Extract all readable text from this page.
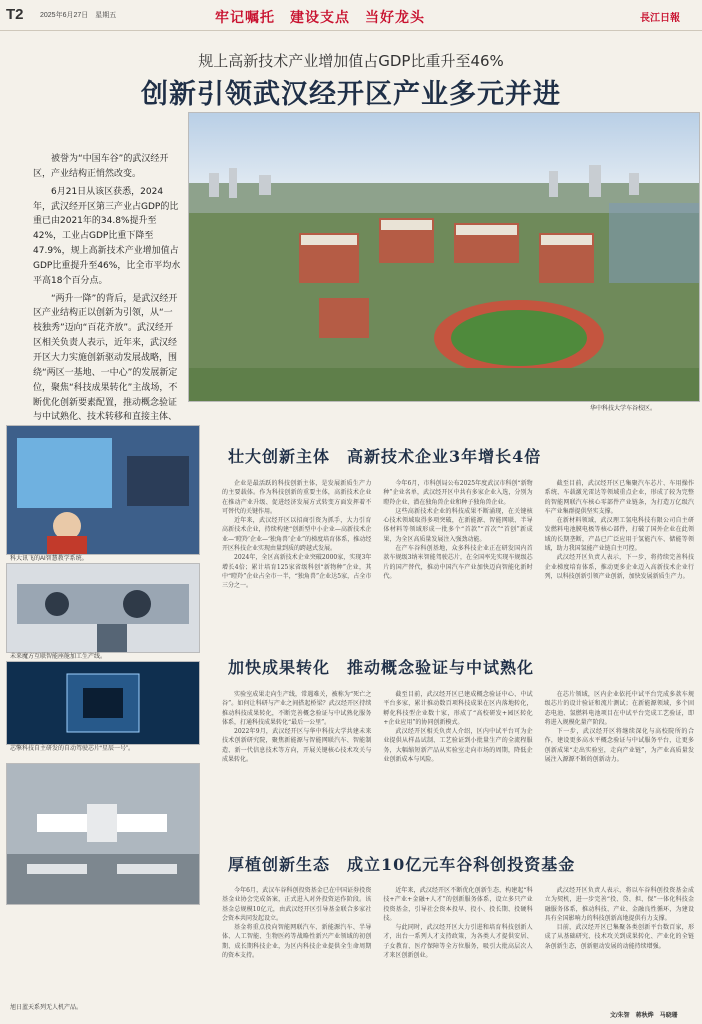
T2 2025年6月27日　星期五	牢记嘱托　建设支点　当好龙头	長江日報
规上高新技术产业增加值占GDP比重升至46%
创新引领武汉经开区产业多元并进

被誉为“中国车谷”的武汉经开区，产业结构正悄然改变。

6月21日从该区获悉，2024年，武汉经开区第三产业占GDP的比重已由2021年的34.8%提升至42%，工业占GDP比重下降至47.9%，规上高新技术产业增加值占GDP比重提升至46%，比全市平均水平高18个百分点。

“两升一降”的背后，是武汉经开区产业结构正以创新为引领，从“一枝独秀”迈向“百花齐放”。武汉经开区相关负责人表示，近年来，武汉经开区大力实施创新驱动发展战略，围绕“两区一基地、一中心”的发展新定位，聚焦“科技成果转化”主战场，不断优化创新要素配置，推动概念验证与中试熟化、技术转移和直接主体、

华中科技大学车谷校区。
科大讯飞的AI智慧教学系统。
未来魔方互联智能座舱加工生产线。
芯擎科技自主研发的自动驾驶芯片“星辰一号”。
旭日蓝天系列无人机产品。
壮大创新主体　高新技术企业3年增长4倍

企业是最活跃的科技创新主体，是发展新质生产力的主要载体。作为科技创新的重要主体，高新技术企业在推动产业升级、促进经济发展方式转变方面发挥着不可替代的关键作用。

近年来，武汉经开区以招商引资为抓手，大力引育高新技术企业，持续构建“创新型中小企业—高新技术企业—‘瞪羚’企业—‘独角兽’企业”的梯度培育体系，推动经开区科技企业实现由量到质的跨越式发展。

2024年，全区高新技术企业突破2000家，实现3年增长4倍；累计培育125家省级科创“新物种”企业，其中“瞪羚”企业占全市一半，“独角兽”企业达5家，占全市三分之一。

今年6月，市科创局公布2025年度武汉市科创“新物种”企业名单，武汉经开区中共有多家企业入选，分别为瞪羚企业、潜在独角兽企业和种子独角兽企业。

这些高新技术企业的科技成果不断涌现，在关键核心技术领域取得多项突破，在新能源、智能网联、半导体材料等领域形成一批多个“首款”“首次”“首创”新成果，为全区高质量发展注入强劲动能。

在产车谷科创基地，众多科技企业正在研发国内首款车规级3纳米智能驾驶芯片，在全国率先实现车规级芯片的国产替代，推动中国汽车产业加快迈向智能化新时代。

截至目前，武汉经开区已集聚汽车芯片、车用操作系统、车载激光雷达等领域重点企业，形成了较为完整的智能网联汽车核心零部件产业链条，为打造万亿级汽车产业集群提供坚实支撑。

在新材料领域，武汉理工氢电科技有限公司自主研发燃料电池膜电极等核心部件，打破了国外企业在此领域的长期垄断，产品已广泛应用于氢能汽车、储能等领域，助力我国氢能产业链自主可控。

武汉经开区负责人表示，下一步，将持续完善科技企业梯度培育体系，推动更多企业迈入高新技术企业行列，以科技创新引领产业创新，加快发展新质生产力。

加快成果转化　推动概念验证与中试熟化

实验室成果走向生产线，常遇难关，被称为“死亡之谷”。如何让科研与产业之间搭起桥梁？武汉经开区持续推动科技成果转化，不断完善概念验证与中试熟化服务体系，打通科技成果转化“最后一公里”。

2022年9月，武汉经开区与华中科技大学共建未来技术创新研究院，聚焦新能源与智能网联汽车、智能制造、新一代信息技术等方向，开展关键核心技术攻关与成果转化。

截至目前，武汉经开区已建成概念验证中心、中试平台多家，累计推动数百项科技成果在区内落地转化，孵化科技型企业数十家，形成了“高校研发+园区转化+企业应用”的协同创新模式。

武汉经开区相关负责人介绍，区内中试平台可为企业提供从样品试制、工艺验证到小批量生产的全流程服务，大幅缩短新产品从实验室走向市场的周期，降低企业创新成本与风险。

在芯片领域，区内企业依托中试平台完成多款车规级芯片的设计验证和流片测试；在新能源领域，多个固态电池、氢燃料电池项目在中试平台完成工艺验证，即将进入规模化量产阶段。

下一步，武汉经开区将继续深化与高校院所的合作，建设更多高水平概念验证与中试服务平台，让更多创新成果“走出实验室，走向产业链”，为产业高质量发展注入源源不断的创新动力。

厚植创新生态　成立10亿元车谷科创投资基金

今年6月，武汉车谷科创投资基金已在中国证券投资基金业协会完成备案，正式进入对外投资运作阶段。该基金总规模10亿元，由武汉经开区引导基金联合多家社会资本共同发起设立。

基金将重点投向智能网联汽车、新能源汽车、半导体、人工智能、生物医药等战略性新兴产业领域的初创期、成长期科技企业，为区内科技企业提供全生命周期的资本支持。

近年来，武汉经开区不断优化创新生态，构建起“科技+产业+金融+人才”的创新服务体系，设立多只产业投资基金，引导社会资本投早、投小、投长期、投硬科技。

与此同时，武汉经开区大力引进和培育科技创新人才，出台一系列人才支持政策，为各类人才提供安居、子女教育、医疗保障等全方位服务，吸引大批高层次人才来区创新创业。

武汉经开区负责人表示，将以车谷科创投资基金成立为契机，进一步完善“投、贷、担、保”一体化科技金融服务体系，推动科技、产业、金融良性循环，为建设具有全国影响力的科技创新高地提供有力支撑。

目前，武汉经开区已集聚各类创新平台数百家，形成了从基础研究、技术攻关到成果转化、产业化的全链条创新生态，创新驱动发展的动能持续增强。

文/朱智　蒋秋烨　马晓珊
